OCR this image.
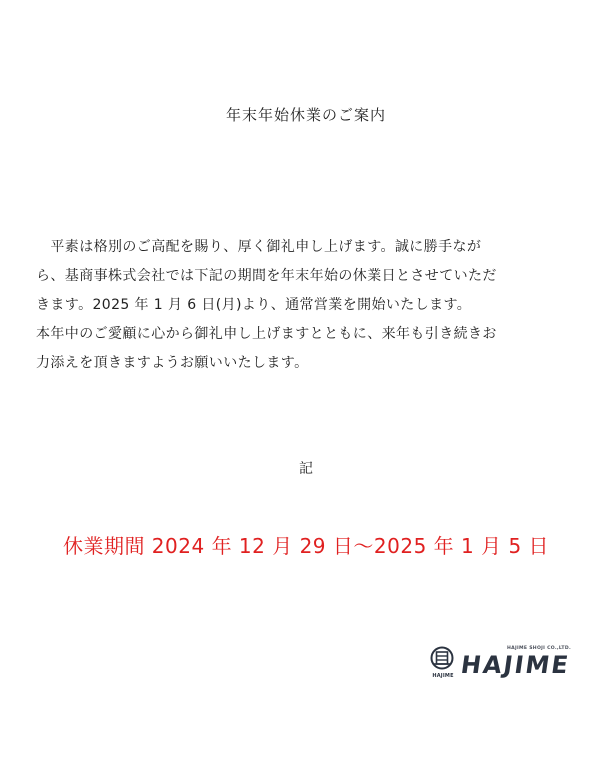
年末年始休業のご案内
　平素は格別のご高配を賜り、厚く御礼申し上げます。誠に勝手なが
ら、基商事株式会社では下記の期間を年末年始の休業日とさせていただ
きます。2025 年 1 月 6 日(月)より、通常営業を開始いたします。
本年中のご愛顧に心から御礼申し上げますとともに、来年も引き続きお
力添えを頂きますようお願いいたします。
記
休業期間 2024 年 12 月 29 日～2025 年 1 月 5 日
HAJIME
HAJIME SHOJI CO.,LTD.
HAJIME
